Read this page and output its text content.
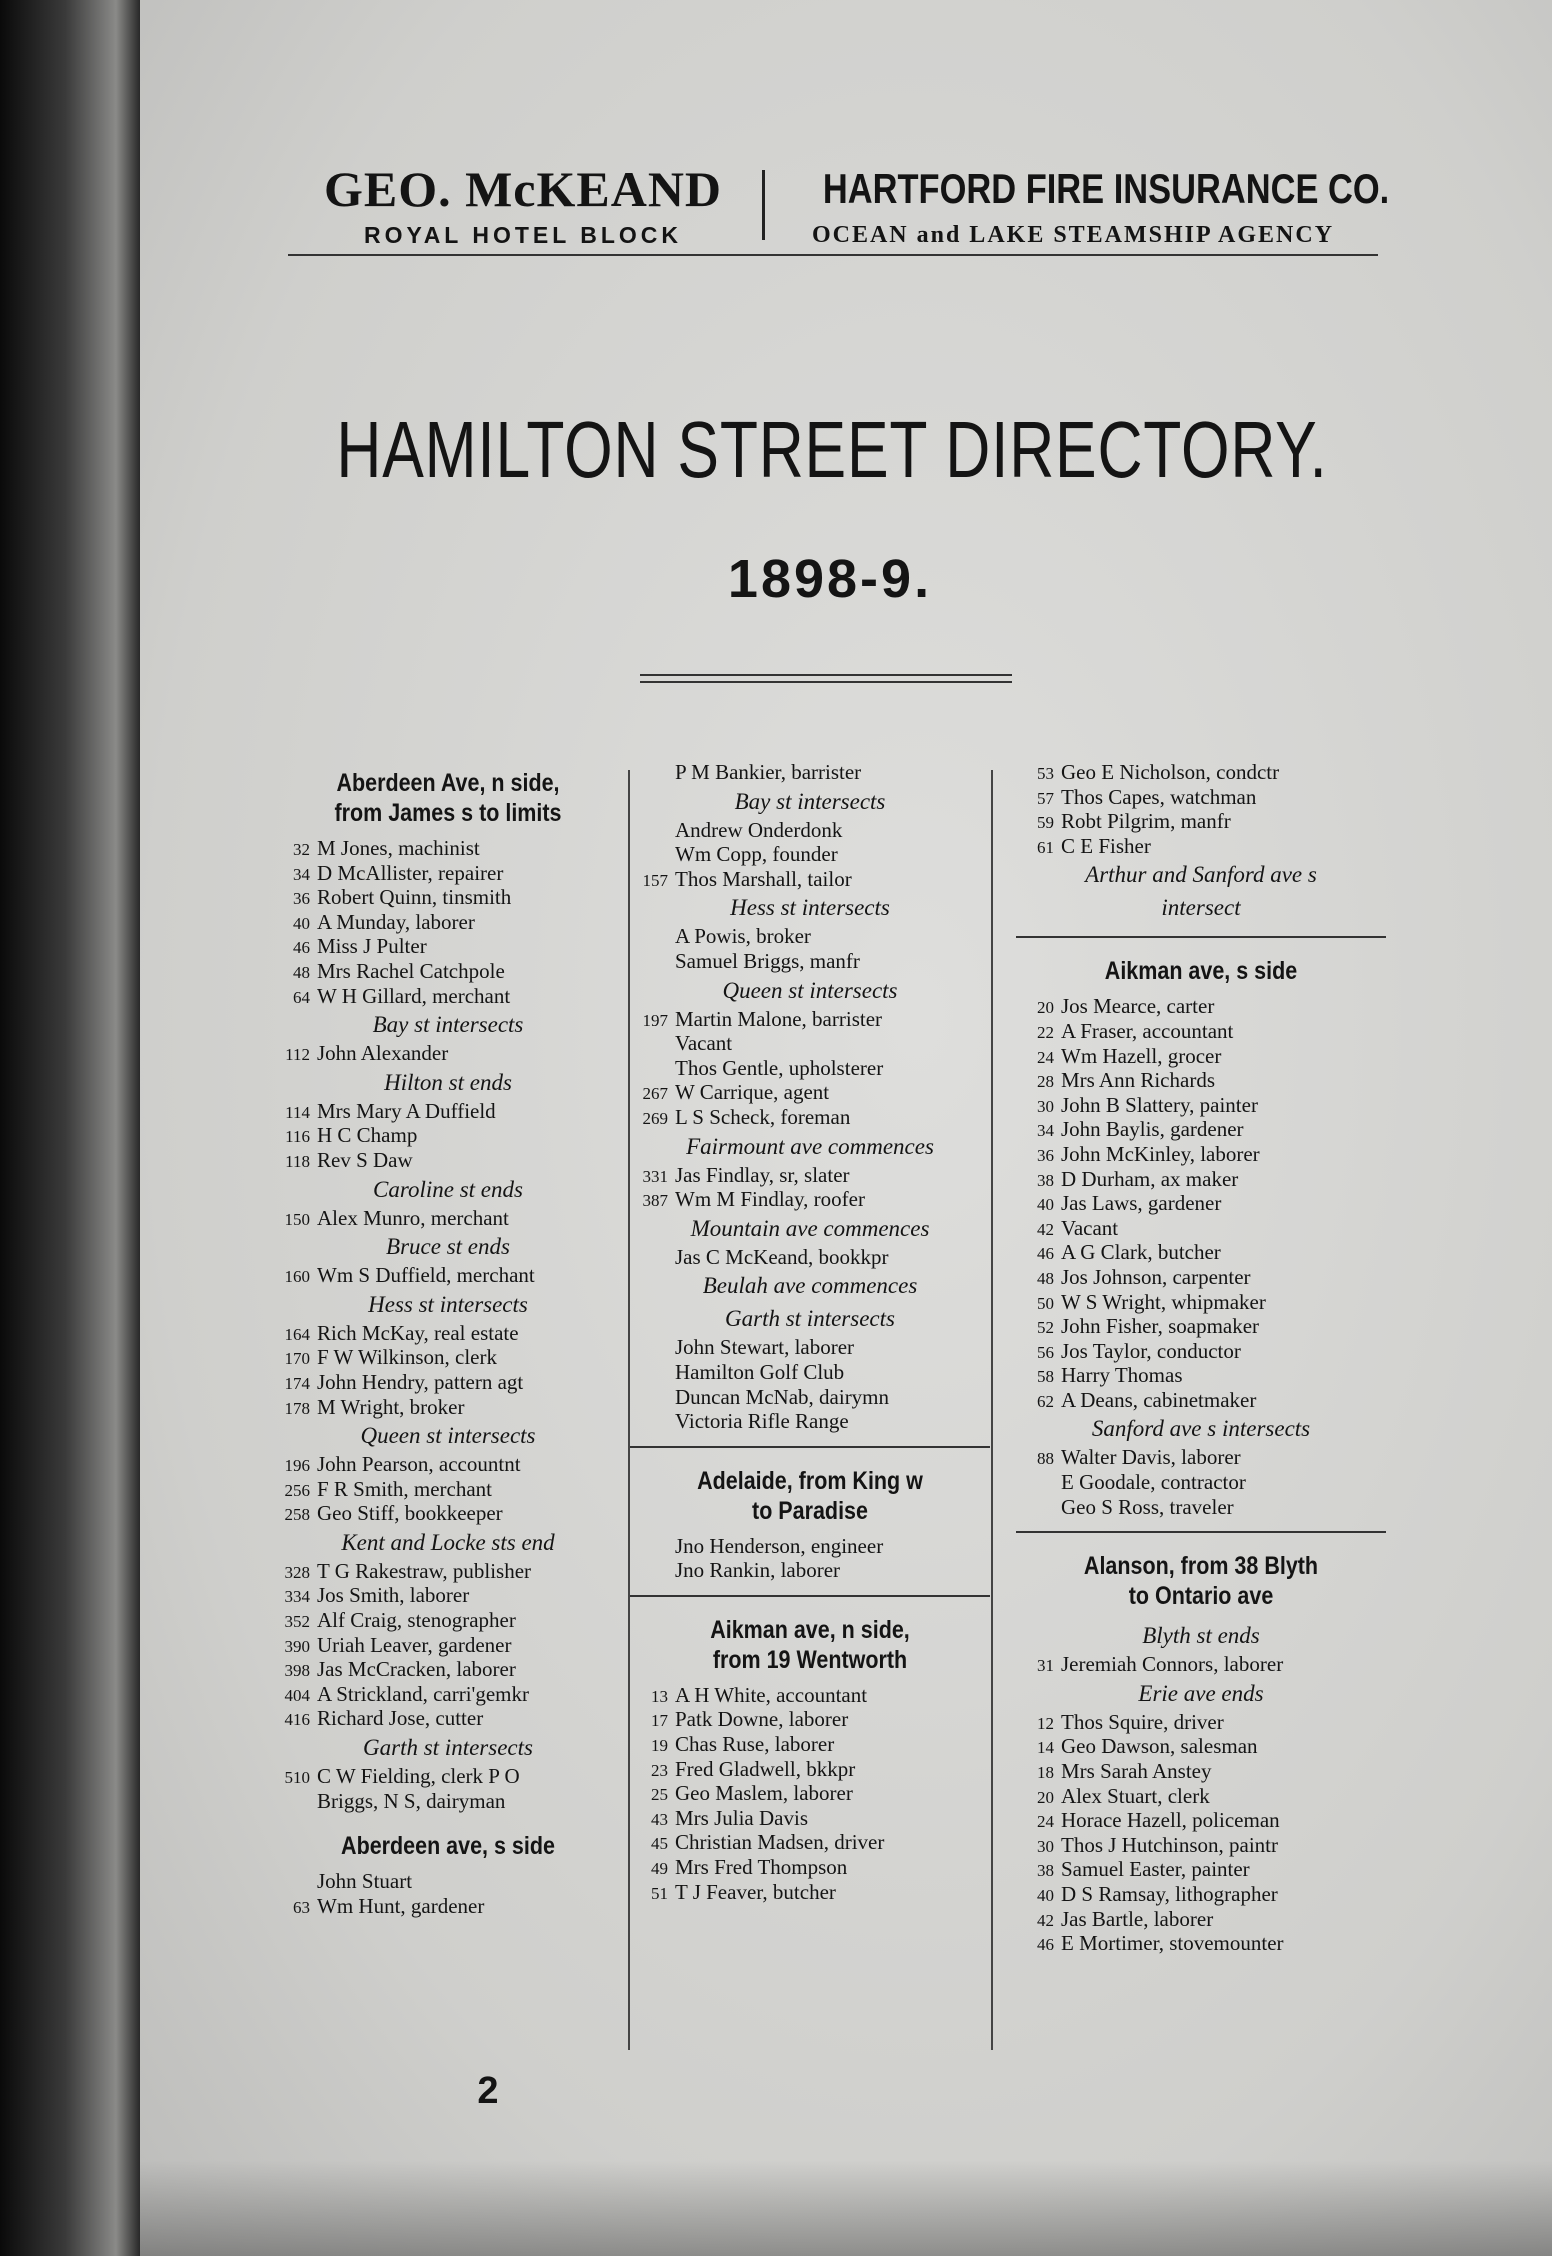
GEO. McKEAND
ROYAL HOTEL BLOCK
HARTFORD FIRE INSURANCE CO.
OCEAN and LAKE STEAMSHIP AGENCY
HAMILTON STREET DIRECTORY.
1898-9.
Aberdeen Ave, n side,
from James s to limits
32 M Jones, machinist
34 D McAllister, repairer
36 Robert Quinn, tinsmith
40 A Munday, laborer
46 Miss J Pulter
48 Mrs Rachel Catchpole
64 W H Gillard, merchant
Bay st intersects
112 John Alexander
Hilton st ends
114 Mrs Mary A Duffield
116 H C Champ
118 Rev S Daw
Caroline st ends
150 Alex Munro, merchant
Bruce st ends
160 Wm S Duffield, merchant
Hess st intersects
164 Rich McKay, real estate
170 F W Wilkinson, clerk
174 John Hendry, pattern agt
178 M Wright, broker
Queen st intersects
196 John Pearson, accountnt
256 F R Smith, merchant
258 Geo Stiff, bookkeeper
Kent and Locke sts end
328 T G Rakestraw, publisher
334 Jos Smith, laborer
352 Alf Craig, stenographer
390 Uriah Leaver, gardener
398 Jas McCracken, laborer
404 A Strickland, carri'gemkr
416 Richard Jose, cutter
Garth st intersects
510 C W Fielding, clerk P O
Briggs, N S, dairyman
Aberdeen ave, s side
John Stuart
63 Wm Hunt, gardener
P M Bankier, barrister
Bay st intersects
Andrew Onderdonk
Wm Copp, founder
157 Thos Marshall, tailor
Hess st intersects
A Powis, broker
Samuel Briggs, manfr
Queen st intersects
197 Martin Malone, barrister
Vacant
Thos Gentle, upholsterer
267 W Carrique, agent
269 L S Scheck, foreman
Fairmount ave commences
331 Jas Findlay, sr, slater
387 Wm M Findlay, roofer
Mountain ave commences
Jas C McKeand, bookkpr
Beulah ave commences
Garth st intersects
John Stewart, laborer
Hamilton Golf Club
Duncan McNab, dairymn
Victoria Rifle Range
Adelaide, from King w
to Paradise
Jno Henderson, engineer
Jno Rankin, laborer
Aikman ave, n side,
from 19 Wentworth
13 A H White, accountant
17 Patk Downe, laborer
19 Chas Ruse, laborer
23 Fred Gladwell, bkkpr
25 Geo Maslem, laborer
43 Mrs Julia Davis
45 Christian Madsen, driver
49 Mrs Fred Thompson
51 T J Feaver, butcher
53 Geo E Nicholson, condctr
57 Thos Capes, watchman
59 Robt Pilgrim, manfr
61 C E Fisher
Arthur and Sanford ave s
intersect
Aikman ave, s side
20 Jos Mearce, carter
22 A Fraser, accountant
24 Wm Hazell, grocer
28 Mrs Ann Richards
30 John B Slattery, painter
34 John Baylis, gardener
36 John McKinley, laborer
38 D Durham, ax maker
40 Jas Laws, gardener
42 Vacant
46 A G Clark, butcher
48 Jos Johnson, carpenter
50 W S Wright, whipmaker
52 John Fisher, soapmaker
56 Jos Taylor, conductor
58 Harry Thomas
62 A Deans, cabinetmaker
Sanford ave s intersects
88 Walter Davis, laborer
E Goodale, contractor
Geo S Ross, traveler
Alanson, from 38 Blyth
to Ontario ave
Blyth st ends
31 Jeremiah Connors, laborer
Erie ave ends
12 Thos Squire, driver
14 Geo Dawson, salesman
18 Mrs Sarah Anstey
20 Alex Stuart, clerk
24 Horace Hazell, policeman
30 Thos J Hutchinson, paintr
38 Samuel Easter, painter
40 D S Ramsay, lithographer
42 Jas Bartle, laborer
46 E Mortimer, stovemounter
2
